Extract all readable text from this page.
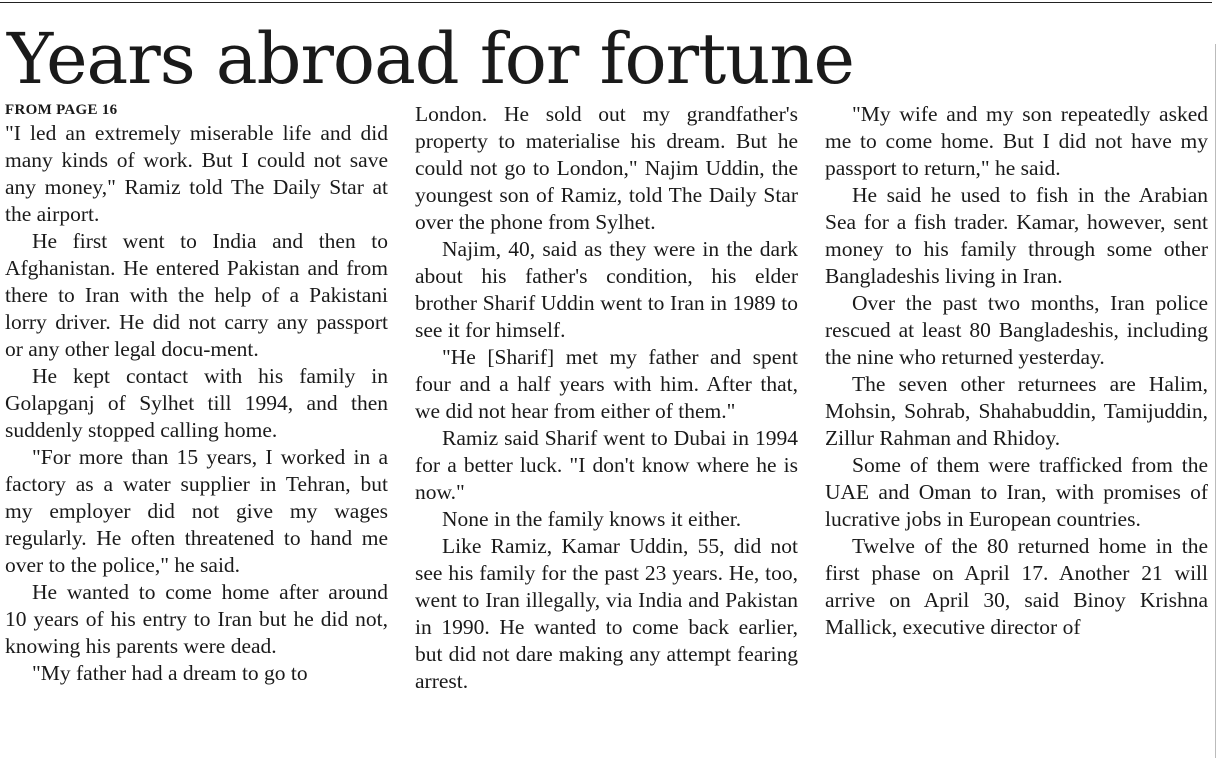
Years abroad for fortune
FROM PAGE 16

"I led an extremely miserable life and did many kinds of work. But I could not save any money," Ramiz told The Daily Star at the airport.

He first went to India and then to Afghanistan. He entered Pakistan and from there to Iran with the help of a Pakistani lorry driver. He did not carry any passport or any other legal docu-ment.

He kept contact with his family in Golapganj of Sylhet till 1994, and then suddenly stopped calling home.

"For more than 15 years, I worked in a factory as a water supplier in Tehran, but my employer did not give my wages regularly. He often threatened to hand me over to the police," he said.

He wanted to come home after around 10 years of his entry to Iran but he did not, knowing his parents were dead.

"My father had a dream to go to

London. He sold out my grandfather's property to materialise his dream. But he could not go to London," Najim Uddin, the youngest son of Ramiz, told The Daily Star over the phone from Sylhet.

Najim, 40, said as they were in the dark about his father's condition, his elder brother Sharif Uddin went to Iran in 1989 to see it for himself.

"He [Sharif] met my father and spent four and a half years with him. After that, we did not hear from either of them."

Ramiz said Sharif went to Dubai in 1994 for a better luck. "I don't know where he is now."

None in the family knows it either.

Like Ramiz, Kamar Uddin, 55, did not see his family for the past 23 years. He, too, went to Iran illegally, via India and Pakistan in 1990. He wanted to come back earlier, but did not dare making any attempt fearing arrest.

"My wife and my son repeatedly asked me to come home. But I did not have my passport to return," he said.

He said he used to fish in the Arabian Sea for a fish trader. Kamar, however, sent money to his family through some other Bangladeshis living in Iran.

Over the past two months, Iran police rescued at least 80 Bangladeshis, including the nine who returned yesterday.

The seven other returnees are Halim, Mohsin, Sohrab, Shahabuddin, Tamijuddin, Zillur Rahman and Rhidoy.

Some of them were trafficked from the UAE and Oman to Iran, with promises of lucrative jobs in European countries.

Twelve of the 80 returned home in the first phase on April 17. Another 21 will arrive on April 30, said Binoy Krishna Mallick, executive director of
